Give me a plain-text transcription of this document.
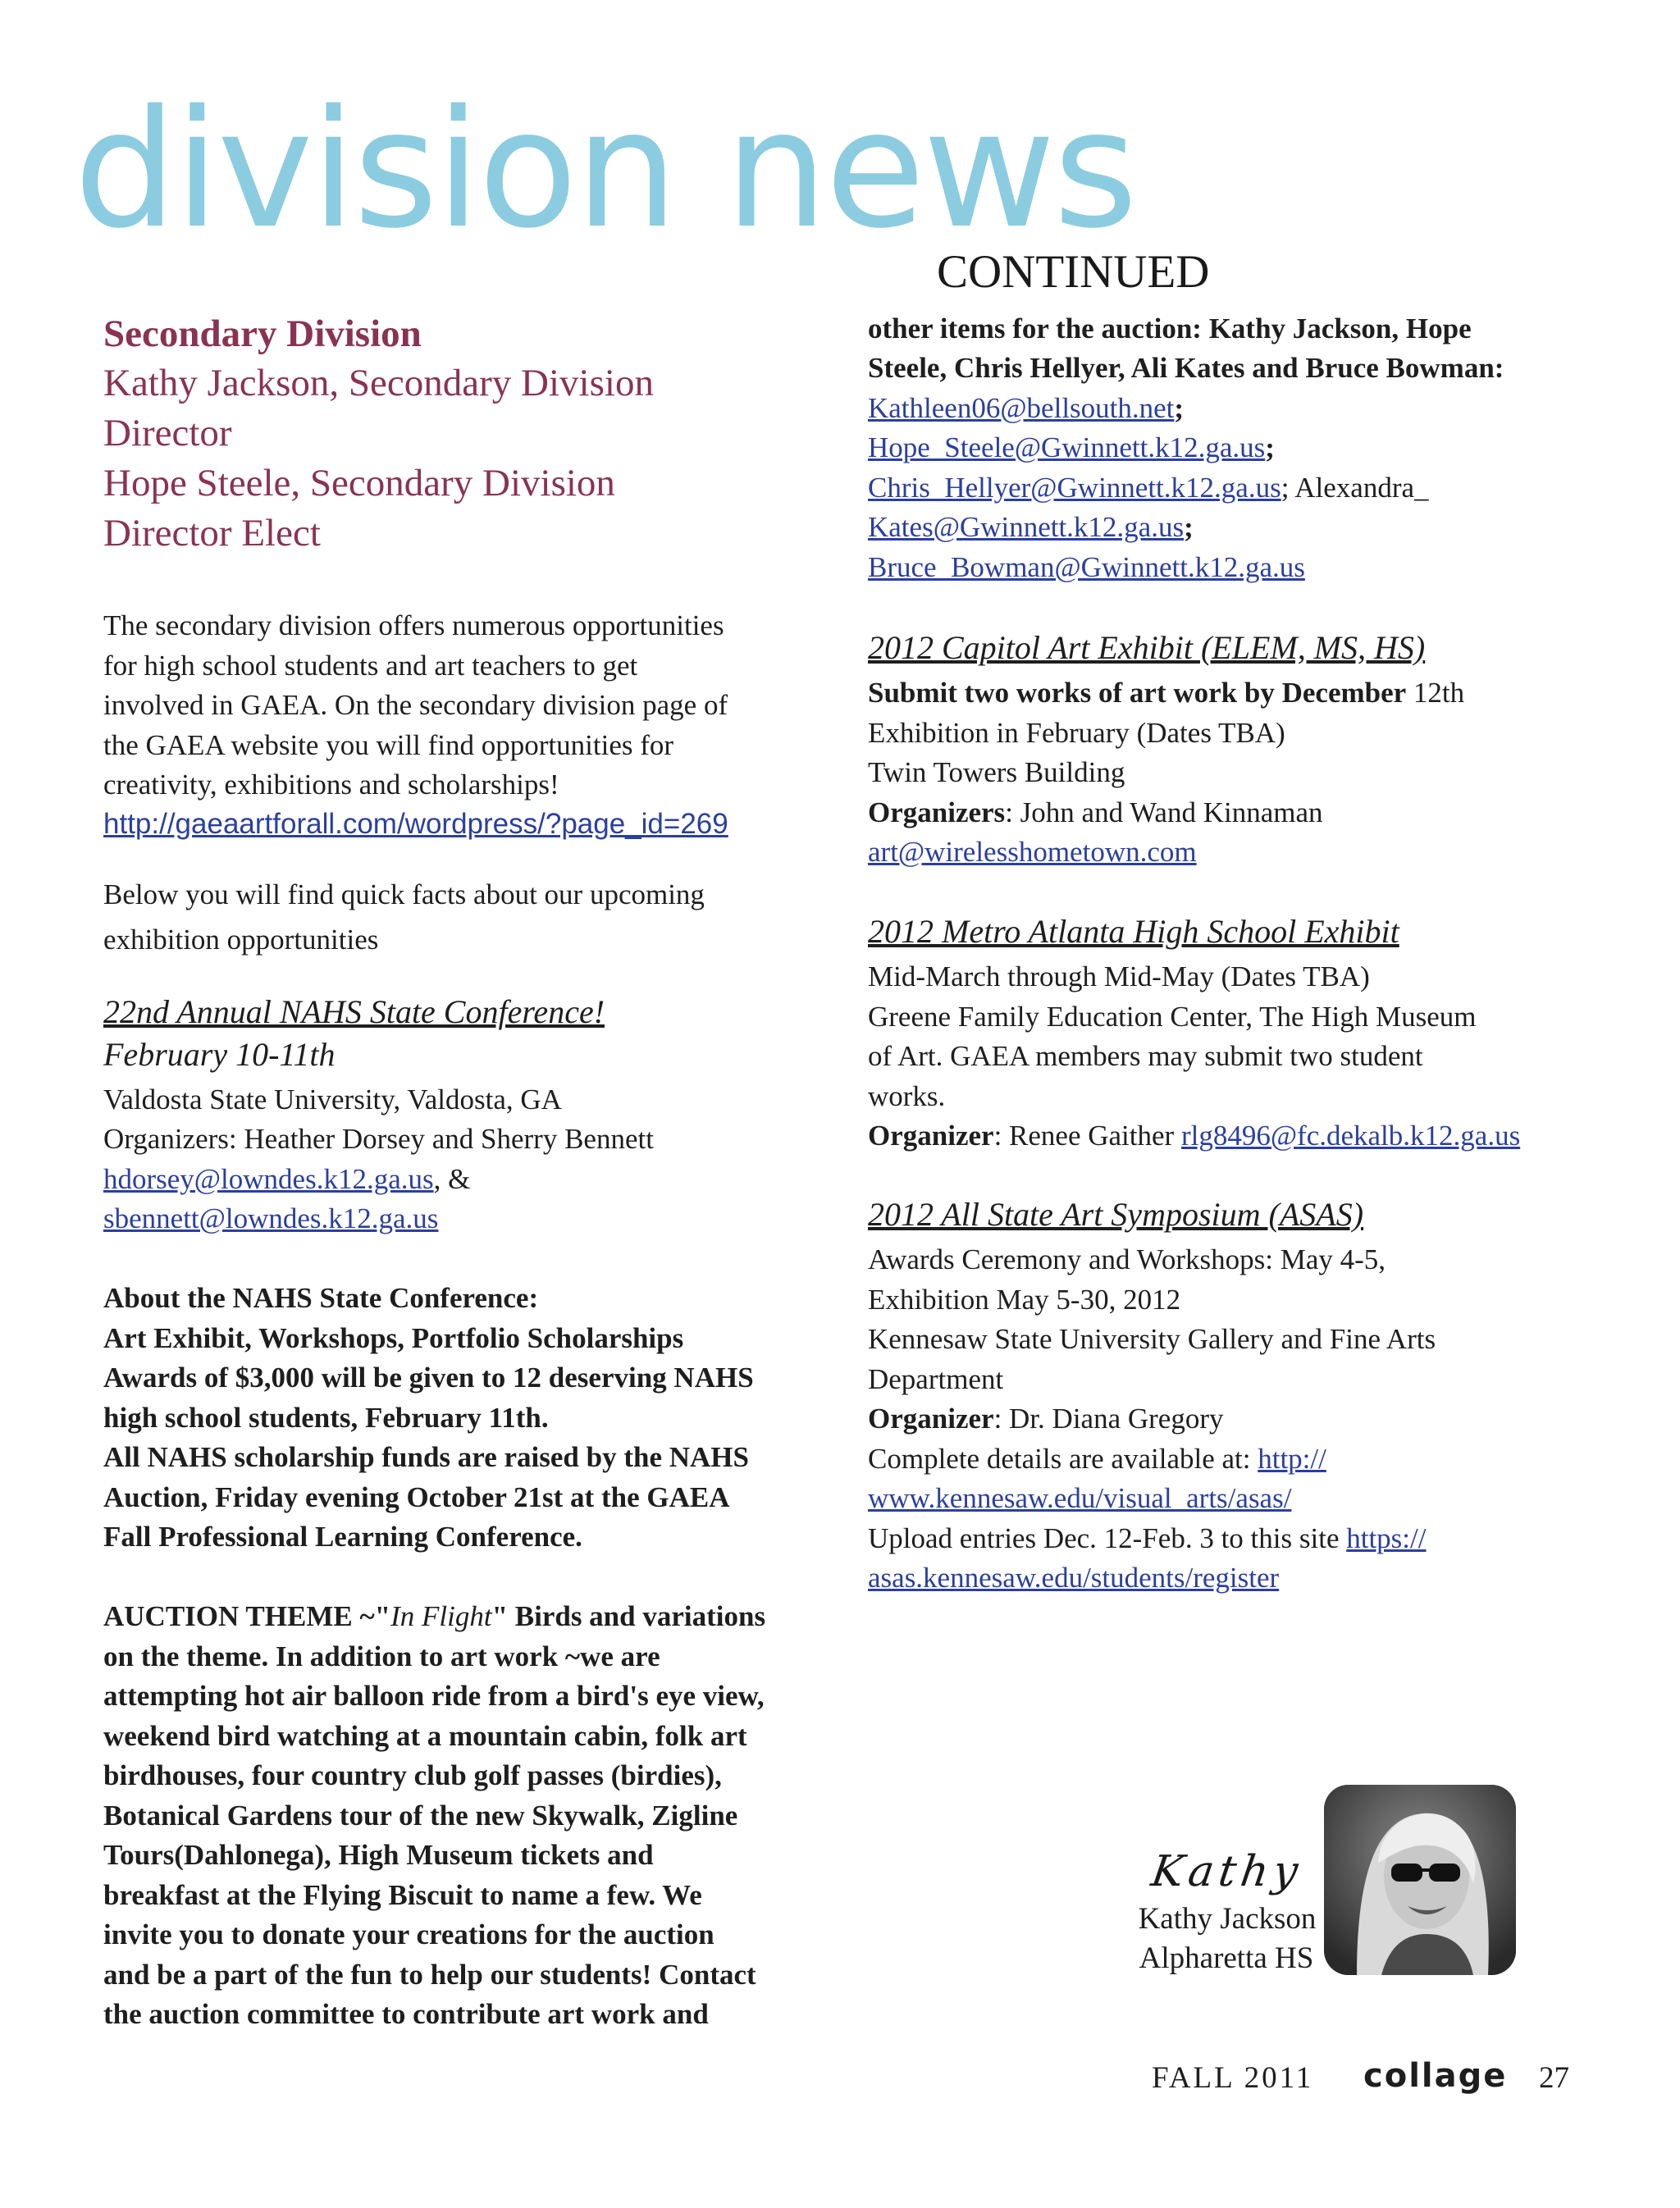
division news
CONTINUED
Secondary Division
Kathy Jackson, Secondary Division
Director
Hope Steele, Secondary Division
Director Elect
The secondary division offers numerous opportunities
for high school students and art teachers to get
involved in GAEA. On the secondary division page of
the GAEA website you will find opportunities for
creativity, exhibitions and scholarships!
http://gaeaartforall.com/wordpress/?page_id=269
Below you will find quick facts about our upcoming
exhibition opportunities
22nd Annual NAHS State Conference!
February 10-11th
Valdosta State University, Valdosta, GA
Organizers: Heather Dorsey and Sherry Bennett
hdorsey@lowndes.k12.ga.us, &
sbennett@lowndes.k12.ga.us
About the NAHS State Conference:
Art Exhibit, Workshops, Portfolio Scholarships
Awards of $3,000 will be given to 12 deserving NAHS
high school students, February 11th.
All NAHS scholarship funds are raised by the NAHS
Auction, Friday evening October 21st at the GAEA
Fall Professional Learning Conference.
AUCTION THEME ~"In Flight" Birds and variations
on the theme. In addition to art work ~we are
attempting hot air balloon ride from a bird's eye view,
weekend bird watching at a mountain cabin, folk art
birdhouses, four country club golf passes (birdies),
Botanical Gardens tour of the new Skywalk, Zigline
Tours(Dahlonega), High Museum tickets and
breakfast at the Flying Biscuit to name a few. We
invite you to donate your creations for the auction
and be a part of the fun to help our students! Contact
the auction committee to contribute art work and
other items for the auction: Kathy Jackson, Hope
Steele, Chris Hellyer, Ali Kates and Bruce Bowman:
Kathleen06@bellsouth.net;
Hope_Steele@Gwinnett.k12.ga.us;
Chris_Hellyer@Gwinnett.k12.ga.us; Alexandra_
Kates@Gwinnett.k12.ga.us;
Bruce_Bowman@Gwinnett.k12.ga.us
2012 Capitol Art Exhibit (ELEM, MS, HS)
Submit two works of art work by December 12th
Exhibition in February (Dates TBA)
Twin Towers Building
Organizers: John and Wand Kinnaman
art@wirelesshometown.com
2012 Metro Atlanta High School Exhibit
Mid-March through Mid-May (Dates TBA)
Greene Family Education Center, The High Museum
of Art. GAEA members may submit two student
works.
Organizer: Renee Gaither rlg8496@fc.dekalb.k12.ga.us
2012 All State Art Symposium (ASAS)
Awards Ceremony and Workshops: May 4-5,
Exhibition May 5-30, 2012
Kennesaw State University Gallery and Fine Arts
Department
Organizer: Dr. Diana Gregory
Complete details are available at: http://
www.kennesaw.edu/visual_arts/asas/
Upload entries Dec. 12-Feb. 3 to this site https://
asas.kennesaw.edu/students/register
Kathy
Kathy Jackson
Alpharetta HS
FALL 2011 collage 27
